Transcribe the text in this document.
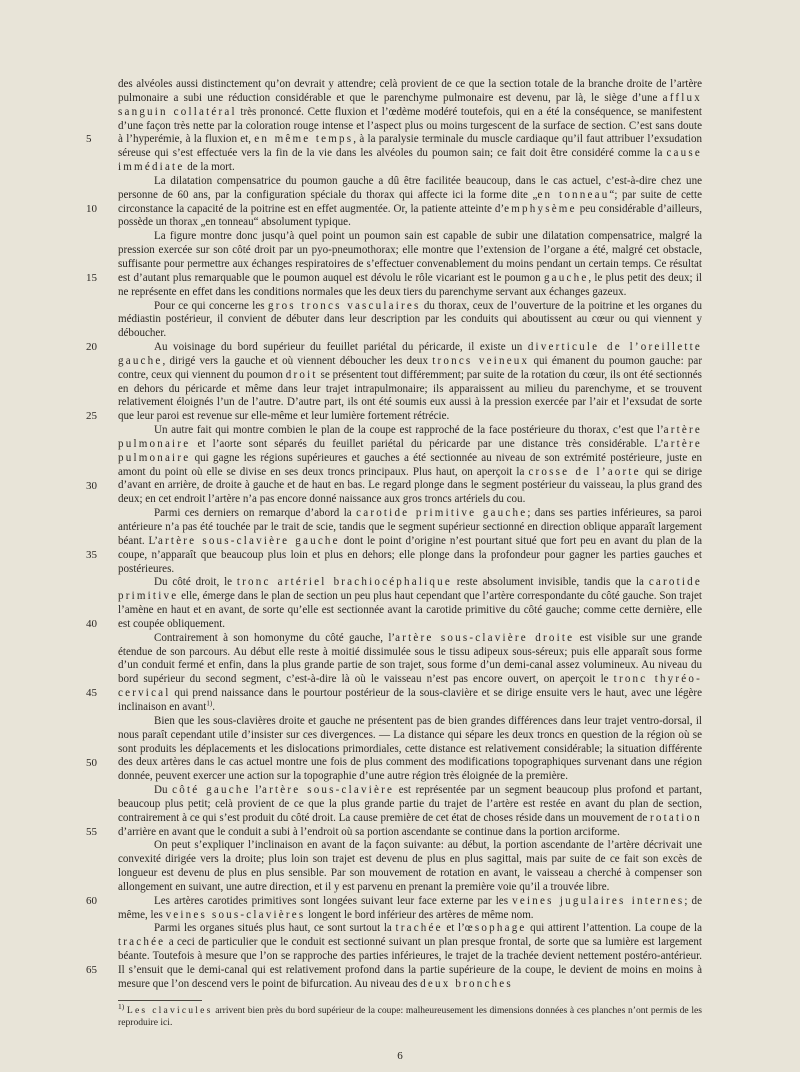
5
10
15
20
25
30
35
40
45
50
55
60
65

des alvéoles aussi distinctement qu’on devrait y attendre; celà provient de ce que la section totale de la branche droite de l’artère pulmonaire a subi une réduction considérable et que le parenchyme pulmonaire est devenu, par là, le siège d’une afflux sanguin collatéral très prononcé. Cette fluxion et l’œdème modéré toutefois, qui en a été la conséquence, se manifestent d’une façon très nette par la coloration rouge intense et l’aspect plus ou moins turgescent de la surface de section. C’est sans doute à l’hyperémie, à la fluxion et, en même temps, à la paralysie terminale du muscle cardiaque qu’il faut attribuer l’exsudation séreuse qui s’est effectuée vers la fin de la vie dans les alvéoles du poumon sain; ce fait doit être considéré comme la cause immédiate de la mort.

La dilatation compensatrice du poumon gauche a dû être facilitée beaucoup, dans le cas actuel, c’est-à-dire chez une personne de 60 ans, par la configuration spéciale du thorax qui affecte ici la forme dite „en tonneau“; par suite de cette circonstance la capacité de la poitrine est en effet augmentée. Or, la patiente atteinte d’emphysème peu considérable d’ailleurs, possède un thorax „en tonneau“ absolument typique.

La figure montre donc jusqu’à quel point un poumon sain est capable de subir une dilatation compensatrice, malgré la pression exercée sur son côté droit par un pyo-pneumothorax; elle montre que l’extension de l’organe a été, malgré cet obstacle, suffisante pour permettre aux échanges respiratoires de s’effectuer convenablement du moins pendant un certain temps. Ce résultat est d’autant plus remarquable que le poumon auquel est dévolu le rôle vicariant est le poumon gauche, le plus petit des deux; il ne représente en effet dans les conditions normales que les deux tiers du parenchyme servant aux échanges gazeux.

Pour ce qui concerne les gros troncs vasculaires du thorax, ceux de l’ouverture de la poitrine et les organes du médiastin postérieur, il convient de débuter dans leur description par les conduits qui aboutissent au cœur ou qui viennent y déboucher.

Au voisinage du bord supérieur du feuillet pariétal du péricarde, il existe un diverticule de l’oreillette gauche, dirigé vers la gauche et où viennent déboucher les deux troncs veineux qui émanent du poumon gauche: par contre, ceux qui viennent du poumon droit se présentent tout différemment; par suite de la rotation du cœur, ils ont été sectionnés en dehors du péricarde et même dans leur trajet intrapulmonaire; ils apparaissent au milieu du parenchyme, et se trouvent relativement éloignés l’un de l’autre. D’autre part, ils ont été soumis eux aussi à la pression exercée par l’air et l’exsudat de sorte que leur paroi est revenue sur elle-même et leur lumière fortement rétrécie.

Un autre fait qui montre combien le plan de la coupe est rapproché de la face postérieure du thorax, c’est que l’artère pulmonaire et l’aorte sont séparés du feuillet pariétal du péricarde par une distance très considérable. L’artère pulmonaire qui gagne les régions supérieures et gauches a été sectionnée au niveau de son extrémité postérieure, juste en amont du point où elle se divise en ses deux troncs principaux. Plus haut, on aperçoit la crosse de l’aorte qui se dirige d’avant en arrière, de droite à gauche et de haut en bas. Le regard plonge dans le segment postérieur du vaisseau, la plus grand des deux; en cet endroit l’artère n’a pas encore donné naissance aux gros troncs artériels du cou.

Parmi ces derniers on remarque d’abord la carotide primitive gauche; dans ses parties inférieures, sa paroi antérieure n’a pas été touchée par le trait de scie, tandis que le segment supérieur sectionné en direction oblique apparaît largement béant. L’artère sous-clavière gauche dont le point d’origine n’est pourtant situé que fort peu en avant du plan de la coupe, n’apparaît que beaucoup plus loin et plus en dehors; elle plonge dans la profondeur pour gagner les parties gauches et postérieures.

Du côté droit, le tronc artériel brachiocéphalique reste absolument invisible, tandis que la carotide primitive elle, émerge dans le plan de section un peu plus haut cependant que l’artère correspondante du côté gauche. Son trajet l’amène en haut et en avant, de sorte qu’elle est sectionnée avant la carotide primitive du côté gauche; comme cette dernière, elle est coupée obliquement.

Contrairement à son homonyme du côté gauche, l’artère sous-clavière droite est visible sur une grande étendue de son parcours. Au début elle reste à moitié dissimulée sous le tissu adipeux sous-séreux; puis elle apparaît sous forme d’un conduit fermé et enfin, dans la plus grande partie de son trajet, sous forme d’un demi-canal assez volumineux. Au niveau du bord supérieur du second segment, c’est-à-dire là où le vaisseau n’est pas encore ouvert, on aperçoit le tronc thyréo-cervical qui prend naissance dans le pourtour postérieur de la sous-clavière et se dirige ensuite vers le haut, avec une légère inclinaison en avant$^{1)}$.

Bien que les sous-clavières droite et gauche ne présentent pas de bien grandes différences dans leur trajet ventro-dorsal, il nous paraît cependant utile d’insister sur ces divergences. — La distance qui sépare les deux troncs en question de la région où se sont produits les déplacements et les dislocations primordiales, cette distance est relativement considérable; la situation différente des deux artères dans le cas actuel montre une fois de plus comment des modifications topographiques survenant dans une région donnée, peuvent exercer une action sur la topographie d’une autre région très éloignée de la première.

Du côté gauche l’artère sous-clavière est représentée par un segment beaucoup plus profond et partant, beaucoup plus petit; celà provient de ce que la plus grande partie du trajet de l’artère est restée en avant du plan de section, contrairement à ce qui s’est produit du côté droit. La cause première de cet état de choses réside dans un mouvement de rotation d’arrière en avant que le conduit a subi à l’endroit où sa portion ascendante se continue dans la portion arciforme.

On peut s’expliquer l’inclinaison en avant de la façon suivante: au début, la portion ascendante de l’artère décrivait une convexité dirigée vers la droite; plus loin son trajet est devenu de plus en plus sagittal, mais par suite de ce fait son excès de longueur est devenu de plus en plus sensible. Par son mouvement de rotation en avant, le vaisseau a cherché à compenser son allongement en suivant, une autre direction, et il y est parvenu en prenant la première voie qu’il a trouvée libre.

Les artères carotides primitives sont longées suivant leur face externe par les veines jugulaires internes; de même, les veines sous-clavières longent le bord inférieur des artères de même nom.

Parmi les organes situés plus haut, ce sont surtout la trachée et l’œsophage qui attirent l’attention. La coupe de la trachée a ceci de particulier que le conduit est sectionné suivant un plan presque frontal, de sorte que sa lumière est largement béante. Toutefois à mesure que l’on se rapproche des parties inférieures, le trajet de la trachée devient nettement postéro-antérieur. Il s’ensuit que le demi-canal qui est relativement profond dans la partie supérieure de la coupe, le devient de moins en moins à mesure que l’on descend vers le point de bifurcation. Au niveau des deux bronches

$^{1)}$ Les clavicules arrivent bien près du bord supérieur de la coupe: malheureusement les dimensions données à ces planches n’ont permis de les reproduire ici.
6
